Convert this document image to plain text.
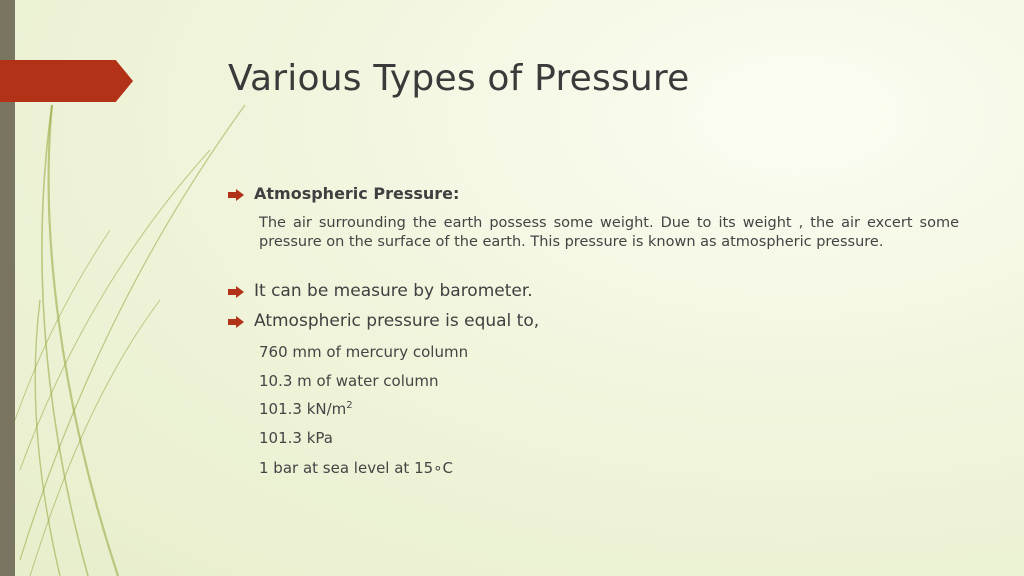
Various Types of Pressure
Atmospheric Pressure:
The air surrounding the earth possess some weight. Due to its weight , the air excert some pressure on the surface of the earth. This pressure is known as atmospheric pressure.
It can be measure by barometer.
Atmospheric pressure is equal to,
760 mm of mercury column
10.3 m of water column
101.3 $kN/m^2$
101.3 kPa
1 bar at sea level at 15∘C
